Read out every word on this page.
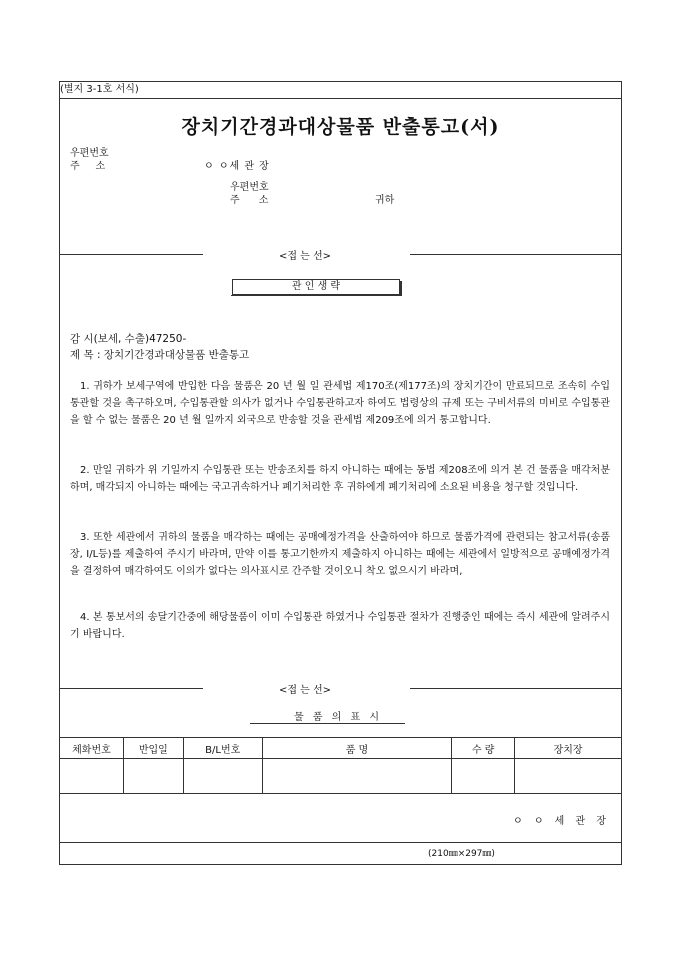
(별지 3-1호 서식)
장치기간경과대상물품 반출통고(서)
우편번호
주     소	ㅇ ㅇ세 관 장
우편번호
주      소	귀하
<접 는 선>
관 인 생 략
감 시(보세, 수출)47250-
제 목 : 장치기간경과대상물품 반출통고
1. 귀하가 보세구역에 반입한 다음 물품은 20 년 월 일 관세법 제170조(제177조)의 장치기간이 만료되므로 조속히 수입통관할 것을 촉구하오며, 수입통관할 의사가 없거나 수입통관하고자 하여도 법령상의 규제 또는 구비서류의 미비로 수입통관을 할 수 없는 물품은 20 년 월 일까지 외국으로 반송할 것을 관세법 제209조에 의거 통고합니다.
2. 만일 귀하가 위 기일까지 수입통관 또는 반송조치를 하지 아니하는 때에는 동법 제208조에 의거 본 건 물품을 매각처분하며, 매각되지 아니하는 때에는 국고귀속하거나 폐기처리한 후 귀하에게 폐기처리에 소요된 비용을 청구할 것입니다.
3. 또한 세관에서 귀하의 물품을 매각하는 때에는 공매예정가격을 산출하여야 하므로 물품가격에 관련되는 참고서류(송품장, I/L등)를 제출하여 주시기 바라며, 만약 이를 통고기한까지 제출하지 아니하는 때에는 세관에서 일방적으로 공매예정가격을 결정하여 매각하여도 이의가 없다는 의사표시로 간주할 것이오니 착오 없으시기 바라며,
4. 본 통보서의 송달기간중에 해당물품이 이미 수입통관 하였거나 수입통관 절차가 진행중인 때에는 즉시 세관에 알려주시기 바랍니다.
<접 는 선>
물 품 의 표 시
체화번호	반입일	B/L번호	품 명	수 량	장치장

ㅇ ㅇ 세 관 장
(210㎜×297㎜)
